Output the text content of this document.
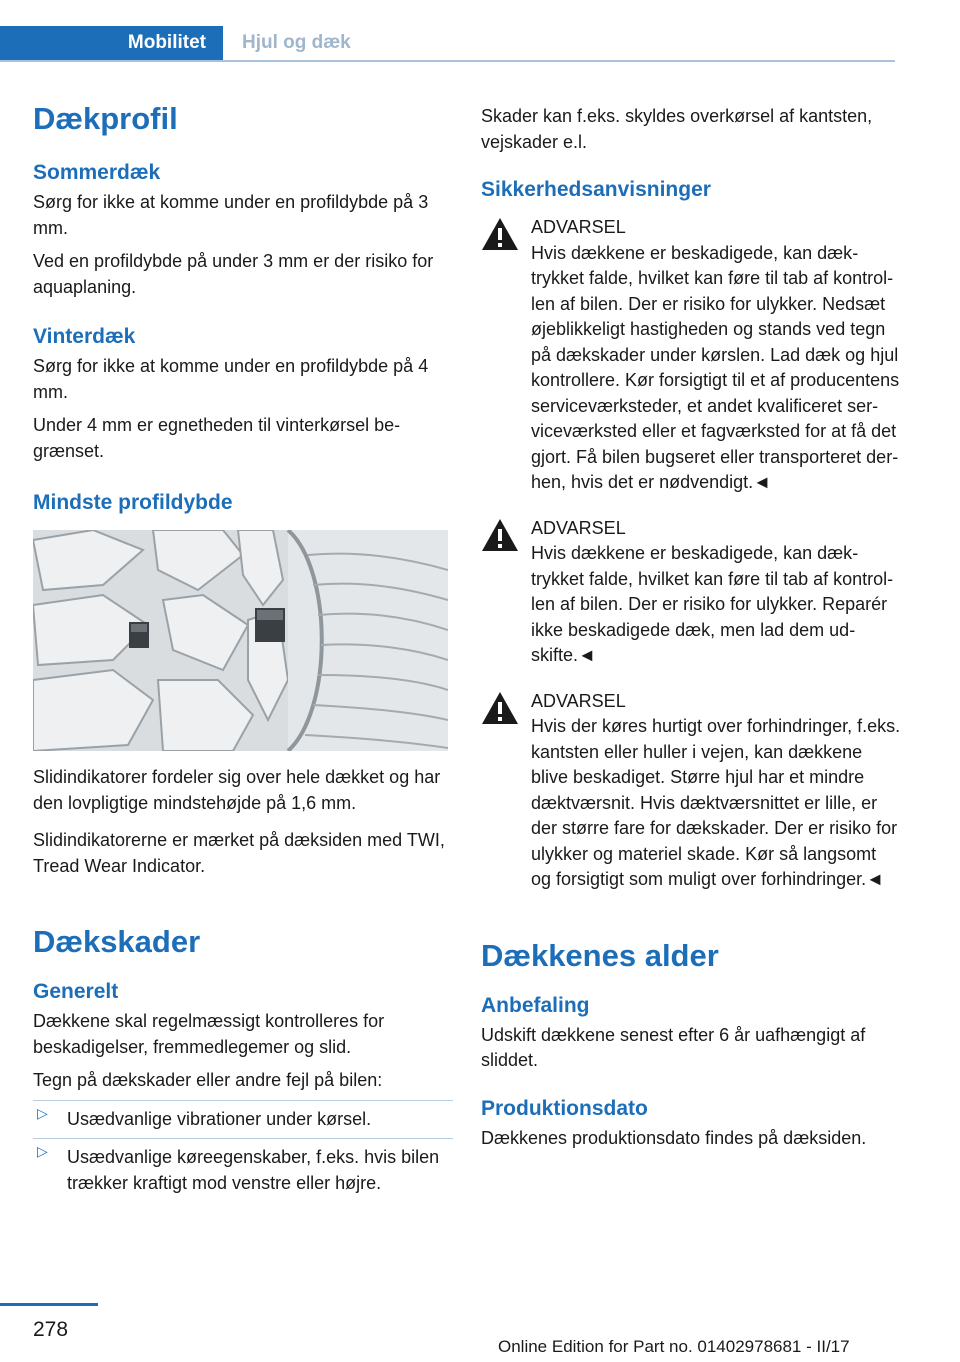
Mobilitet	Hjul og dæk
Dækprofil
Sommerdæk

Sørg for ikke at komme under en profildybde på 3 mm.

Ved en profildybde på under 3 mm er der risiko for aquaplaning.

Vinterdæk

Sørg for ikke at komme under en profildybde på 4 mm.

Under 4 mm er egnetheden til vinterkørsel begrænset.

Mindste profildybde

Slidindikatorer fordeler sig over hele dækket og har den lovpligtige mindstehøjde på 1,6 mm.

Slidindikatorerne er mærket på dæksiden med TWI, Tread Wear Indicator.

Dækskader
Generelt

Dækkene skal regelmæssigt kontrolleres for beskadigelser, fremmedlegemer og slid.

Tegn på dækskader eller andre fejl på bilen:

▷ Usædvanlige vibrationer under kørsel.
▷ Usædvanlige køreegenskaber, f.eks. hvis bilen trækker kraftigt mod venstre eller højre.

Skader kan f.eks. skyldes overkørsel af kantsten, vejskader e.l.

Sikkerhedsanvisninger
ADVARSEL
Hvis dækkene er beskadigede, kan dæktrykket falde, hvilket kan føre til tab af kontrollen af bilen. Der er risiko for ulykker. Nedsæt øjeblikkeligt hastigheden og stands ved tegn på dækskader under kørslen. Lad dæk og hjul kontrollere. Kør forsigtigt til et af producentens serviceværksteder, et andet kvalificeret serviceværksted eller et fagværksted for at få det gjort. Få bilen bugseret eller transporteret derhen, hvis det er nødvendigt.◄
ADVARSEL
Hvis dækkene er beskadigede, kan dæktrykket falde, hvilket kan føre til tab af kontrollen af bilen. Der er risiko for ulykker. Reparér ikke beskadigede dæk, men lad dem udskifte.◄
ADVARSEL
Hvis der køres hurtigt over forhindringer, f.eks. kantsten eller huller i vejen, kan dækkene blive beskadiget. Større hjul har et mindre dæktværsnit. Hvis dæktværsnittet er lille, er der større fare for dækskader. Der er risiko for ulykker og materiel skade. Kør så langsomt og forsigtigt som muligt over forhindringer.◄
Dækkenes alder
Anbefaling

Udskift dækkene senest efter 6 år uafhængigt af sliddet.

Produktionsdato

Dækkenes produktionsdato findes på dæksiden.

278
Online Edition for Part no. 01402978681 - II/17
